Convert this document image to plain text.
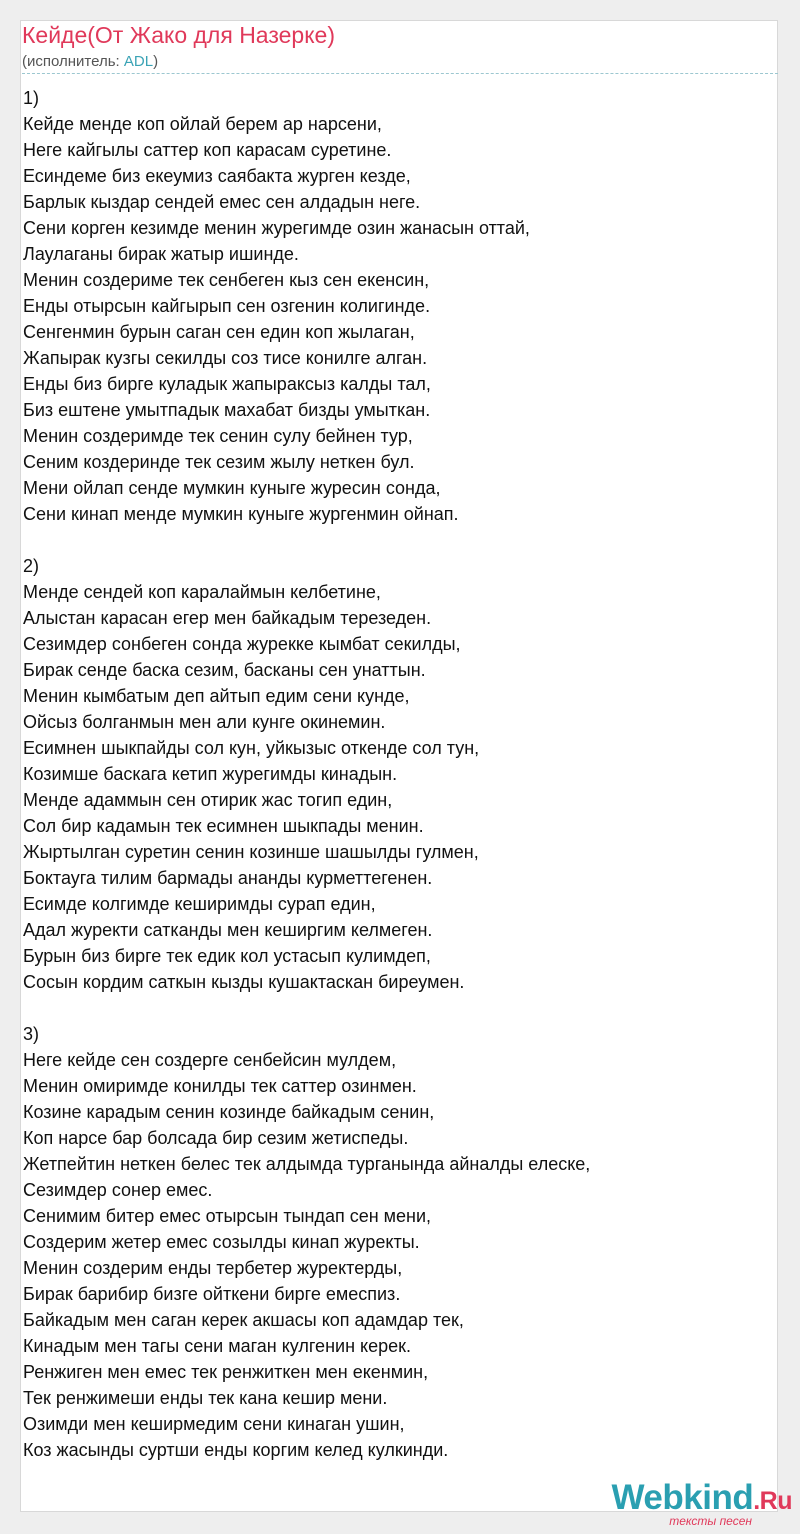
Кейде(От Жако для Назерке)
(исполнитель: ADL)
1)
Кейде менде коп ойлай берем ар нарсени,
Неге кайгылы саттер коп карасам суретине.
Есиндеме биз екеумиз саябакта журген кезде,
Барлык кыздар сендей емес сен алдадын неге.
Сени корген кезимде менин журегимде озин жанасын оттай,
Лаулаганы бирак жатыр ишинде.
Менин создериме тек сенбеген кыз сен екенсин,
Енды отырсын кайгырып сен озгенин колигинде.
Сенгенмин бурын саган сен един коп жылаган,
Жапырак кузгы секилды соз тисе конилге алган.
Енды биз бирге куладык жапыраксыз калды тал,
Биз ештене умытпадык махабат бизды умыткан.
Менин создеримде тек сенин сулу бейнен тур,
Сеним коздеринде тек сезим жылу неткен бул.
Мени ойлап сенде мумкин куныге журесин сонда,
Сени кинап менде мумкин куныге жургенмин ойнап.
2)
Менде сендей коп каралаймын келбетине,
Алыстан карасан егер мен байкадым терезеден.
Сезимдер сонбеген сонда журекке кымбат секилды,
Бирак сенде баска сезим, басканы сен унаттын.
Менин кымбатым деп айтып едим сени кунде,
Ойсыз болганмын мен али кунге окинемин.
Есимнен шыкпайды сол кун, уйкызыс откенде сол тун,
Козимше баскага кетип журегимды кинадын.
Менде адаммын сен отирик жас тогип един,
Сол бир кадамын тек есимнен шыкпады менин.
Жыртылган суретин сенин козинше шашылды гулмен,
Боктауга тилим бармады ананды курметтегенен.
Есимде колгимде кеширимды сурап един,
Адал журекти сатканды мен кеширгим келмеген.
Бурын биз бирге тек едик кол устасып кулимдеп,
Сосын кордим саткын кызды кушактаскан биреумен.
3)
Неге кейде сен создерге сенбейсин мулдем,
Менин омиримде конилды тек саттер озинмен.
Козине карадым сенин козинде байкадым сенин,
Коп нарсе бар болсада бир сезим жетиспеды.
Жетпейтин неткен белес тек алдымда турганында айналды елеске,
Сезимдер сонер емес.
Сенимим битер емес отырсын тындап сен мени,
Создерим жетер емес созылды кинап журекты.
Менин создерим енды тербетер журектерды,
Бирак барибир бизге ойткени бирге емеспиз.
Байкадым мен саган керек акшасы коп адамдар тек,
Кинадым мен тагы сени маган кулгенин керек.
Ренжиген мен емес тек ренжиткен мен екенмин,
Тек ренжимеши енды тек кана кешир мени.
Озимди мен кеширмедим сени кинаган ушин,
Коз жасынды суртши енды коргим келед кулкинди.
Webkind.Ru
тексты песен
